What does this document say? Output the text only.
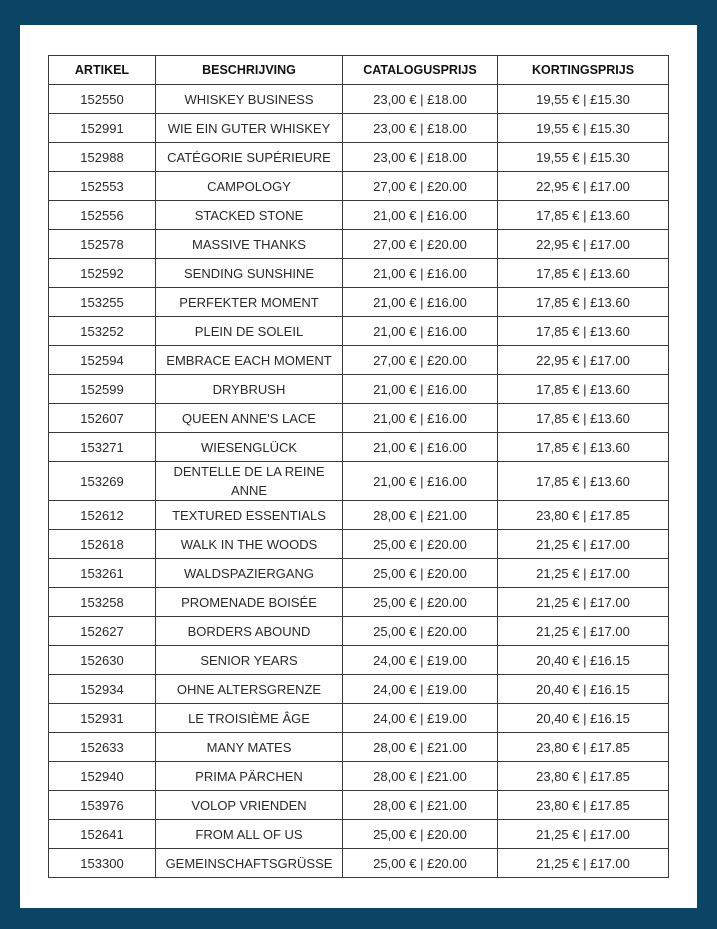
ARTIKEL	BESCHRIJVING	CATALOGUSPRIJS	KORTINGSPRIJS
152550	WHISKEY BUSINESS	23,00 € | £18.00	19,55 € | £15.30
152991	WIE EIN GUTER WHISKEY	23,00 € | £18.00	19,55 € | £15.30
152988	CATÉGORIE SUPÉRIEURE	23,00 € | £18.00	19,55 € | £15.30
152553	CAMPOLOGY	27,00 € | £20.00	22,95 € | £17.00
152556	STACKED STONE	21,00 € | £16.00	17,85 € | £13.60
152578	MASSIVE THANKS	27,00 € | £20.00	22,95 € | £17.00
152592	SENDING SUNSHINE	21,00 € | £16.00	17,85 € | £13.60
153255	PERFEKTER MOMENT	21,00 € | £16.00	17,85 € | £13.60
153252	PLEIN DE SOLEIL	21,00 € | £16.00	17,85 € | £13.60
152594	EMBRACE EACH MOMENT	27,00 € | £20.00	22,95 € | £17.00
152599	DRYBRUSH	21,00 € | £16.00	17,85 € | £13.60
152607	QUEEN ANNE'S LACE	21,00 € | £16.00	17,85 € | £13.60
153271	WIESENGLÜCK	21,00 € | £16.00	17,85 € | £13.60
153269	DENTELLE DE LA REINE ANNE	21,00 € | £16.00	17,85 € | £13.60
152612	TEXTURED ESSENTIALS	28,00 € | £21.00	23,80 € | £17.85
152618	WALK IN THE WOODS	25,00 € | £20.00	21,25 € | £17.00
153261	WALDSPAZIERGANG	25,00 € | £20.00	21,25 € | £17.00
153258	PROMENADE BOISÉE	25,00 € | £20.00	21,25 € | £17.00
152627	BORDERS ABOUND	25,00 € | £20.00	21,25 € | £17.00
152630	SENIOR YEARS	24,00 € | £19.00	20,40 € | £16.15
152934	OHNE ALTERSGRENZE	24,00 € | £19.00	20,40 € | £16.15
152931	LE TROISIÈME ÂGE	24,00 € | £19.00	20,40 € | £16.15
152633	MANY MATES	28,00 € | £21.00	23,80 € | £17.85
152940	PRIMA PÄRCHEN	28,00 € | £21.00	23,80 € | £17.85
153976	VOLOP VRIENDEN	28,00 € | £21.00	23,80 € | £17.85
152641	FROM ALL OF US	25,00 € | £20.00	21,25 € | £17.00
153300	GEMEINSCHAFTSGRÜSSE	25,00 € | £20.00	21,25 € | £17.00
